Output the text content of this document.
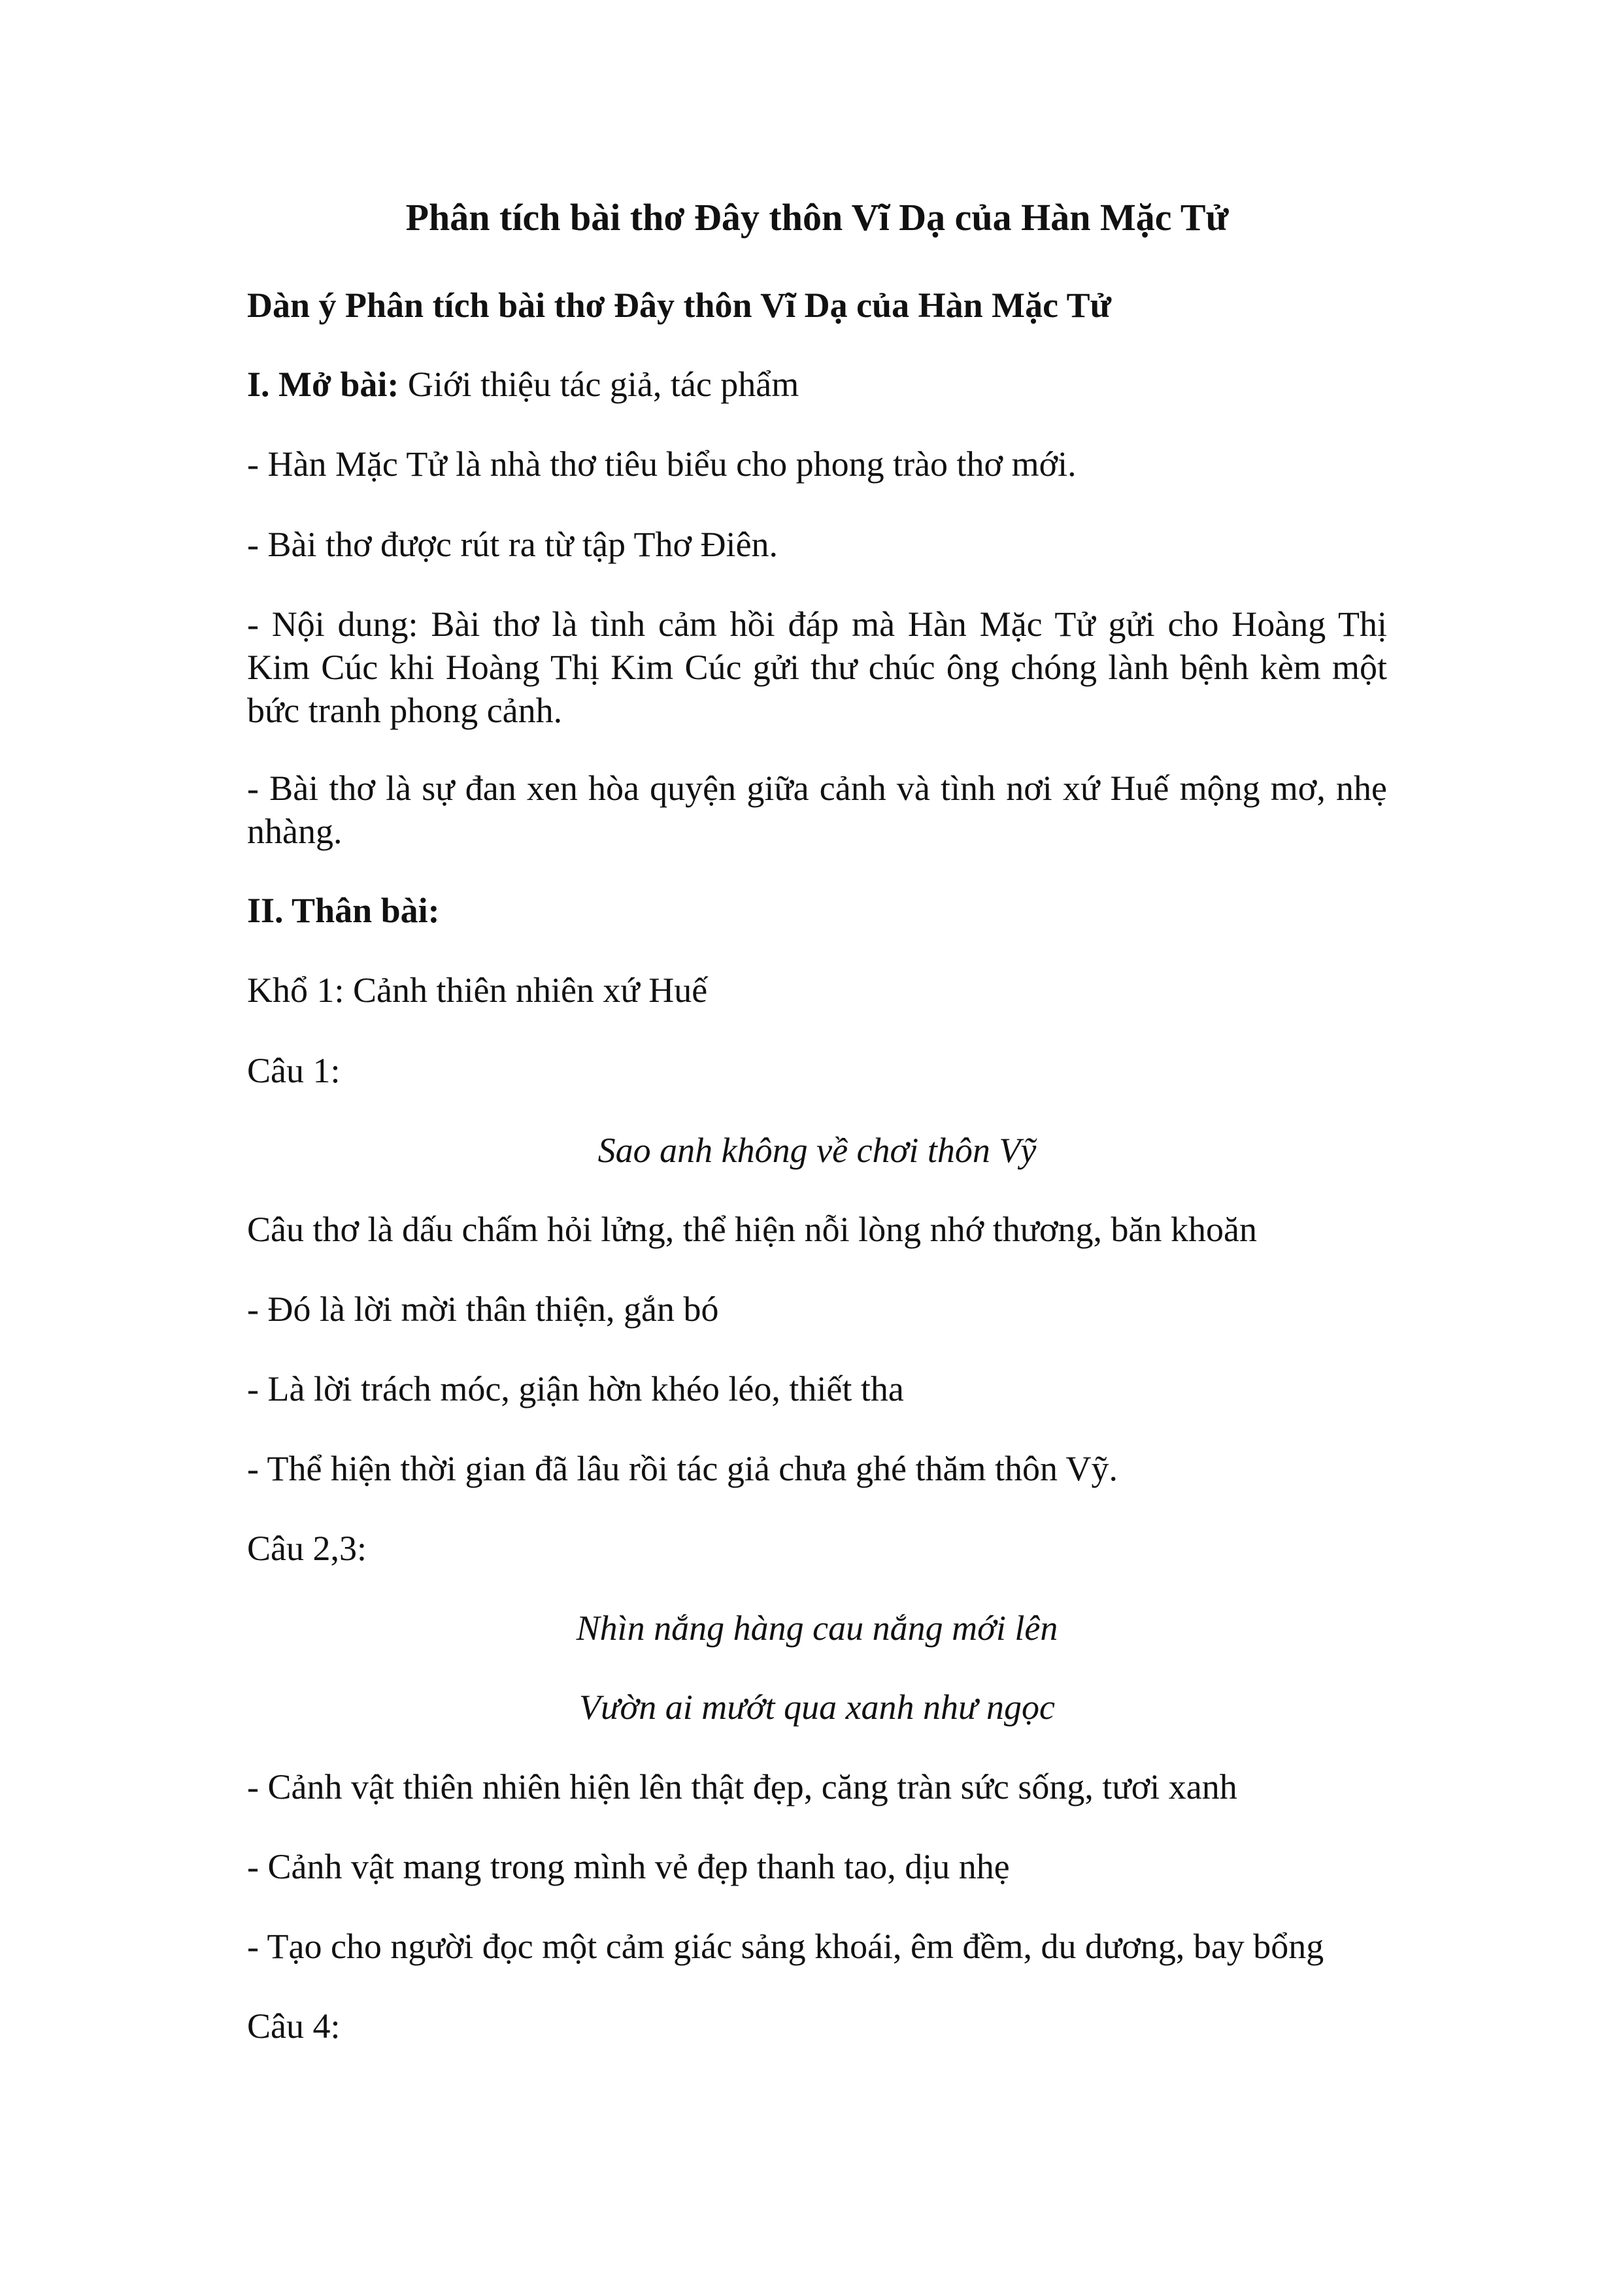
Phân tích bài thơ Đây thôn Vĩ Dạ của Hàn Mặc Tử
Dàn ý Phân tích bài thơ Đây thôn Vĩ Dạ của Hàn Mặc Tử
I. Mở bài: Giới thiệu tác giả, tác phẩm
- Hàn Mặc Tử là nhà thơ tiêu biểu cho phong trào thơ mới.
- Bài thơ được rút ra từ tập Thơ Điên.
- Nội dung: Bài thơ là tình cảm hồi đáp mà Hàn Mặc Tử gửi cho Hoàng Thị
Kim Cúc khi Hoàng Thị Kim Cúc gửi thư chúc ông chóng lành bệnh kèm một
bức tranh phong cảnh.
- Bài thơ là sự đan xen hòa quyện giữa cảnh và tình nơi xứ Huế mộng mơ, nhẹ
nhàng.
II. Thân bài:
Khổ 1: Cảnh thiên nhiên xứ Huế
Câu 1:
Sao anh không về chơi thôn Vỹ
Câu thơ là dấu chấm hỏi lửng, thể hiện nỗi lòng nhớ thương, băn khoăn
- Đó là lời mời thân thiện, gắn bó
- Là lời trách móc, giận hờn khéo léo, thiết tha
- Thể hiện thời gian đã lâu rồi tác giả chưa ghé thăm thôn Vỹ.
Câu 2,3:
Nhìn nắng hàng cau nắng mới lên
Vườn ai mướt qua xanh như ngọc
- Cảnh vật thiên nhiên hiện lên thật đẹp, căng tràn sức sống, tươi xanh
- Cảnh vật mang trong mình vẻ đẹp thanh tao, dịu nhẹ
- Tạo cho người đọc một cảm giác sảng khoái, êm đềm, du dương, bay bổng
Câu 4:
